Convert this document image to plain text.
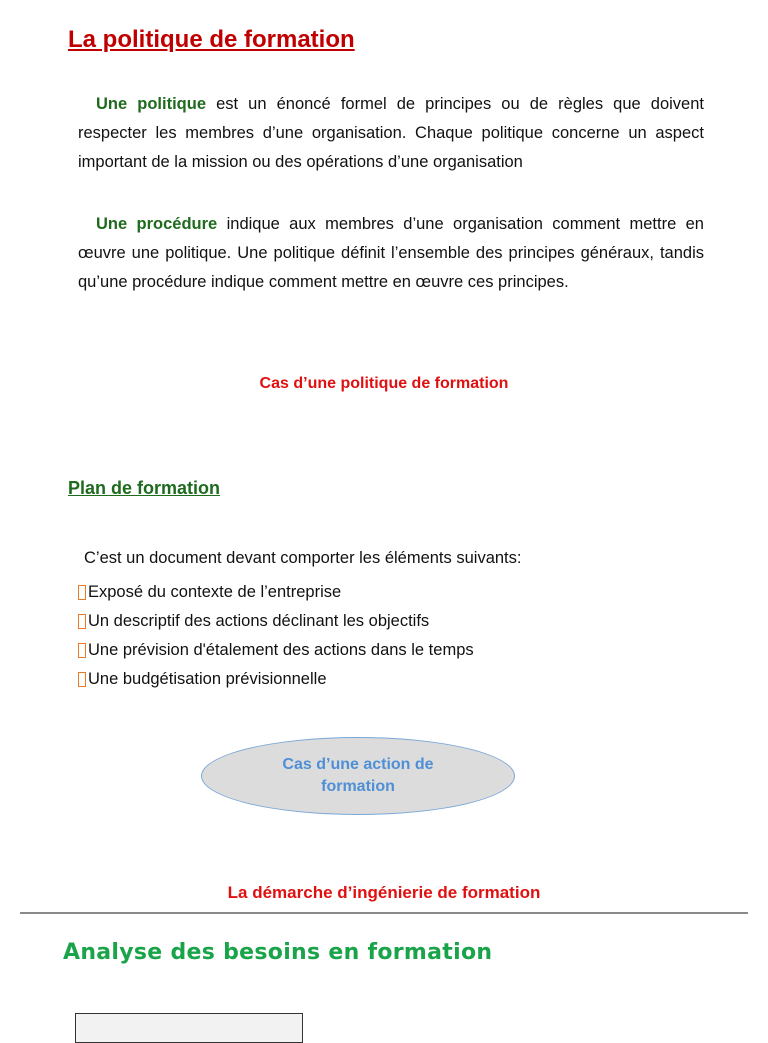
La politique de formation
Une politique est un énoncé formel de principes ou de règles que doivent respecter les membres d’une organisation. Chaque politique concerne un aspect important de la mission ou des opérations d’une organisation
Une procédure indique aux membres d’une organisation comment mettre en œuvre une politique. Une politique définit l’ensemble des principes généraux, tandis qu’une procédure indique comment mettre en œuvre ces principes.
Cas d’une politique de formation
Plan de formation
C’est un document devant comporter les éléments suivants:
Exposé du contexte de l’entreprise
Un descriptif des actions déclinant les objectifs
Une prévision d'étalement des actions dans le temps
Une budgétisation prévisionnelle
Cas d’une action de formation
La démarche d’ingénierie de formation
Analyse des besoins en formation
